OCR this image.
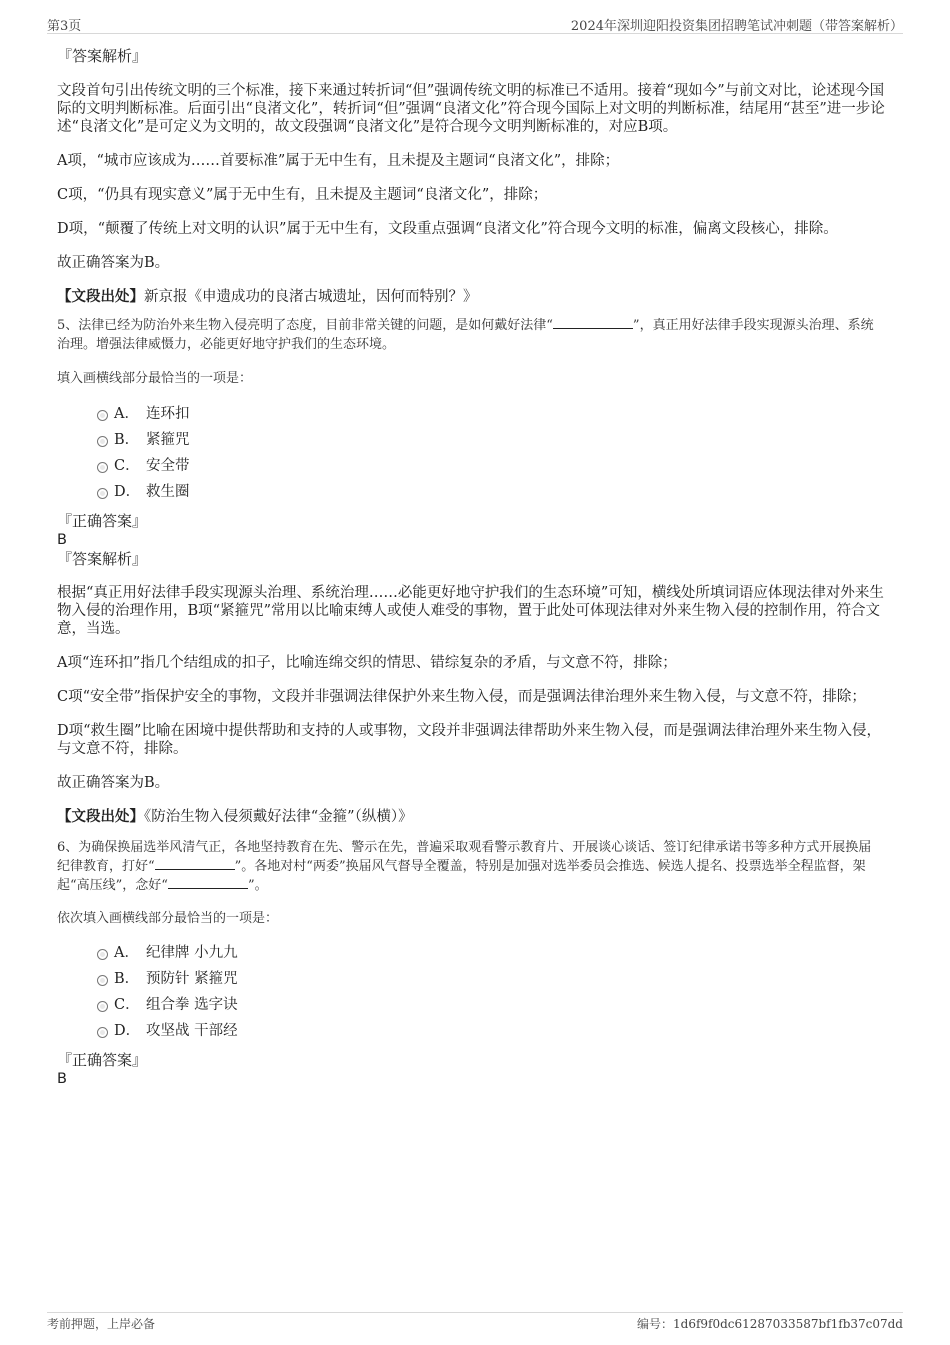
第3页	2024年深圳迎阳投资集团招聘笔试冲刺题（带答案解析）
『答案解析』
文段首句引出传统文明的三个标准，接下来通过转折词“但”强调传统文明的标准已不适用。接着“现如今”与前文对比，论述现今国际的文明判断标准。后面引出“良渚文化”，转折词“但”强调“良渚文化”符合现今国际上对文明的判断标准，结尾用“甚至”进一步论述“良渚文化”是可定义为文明的，故文段强调“良渚文化”是符合现今文明判断标准的，对应B项。
A项，“城市应该成为……首要标准”属于无中生有，且未提及主题词“良渚文化”，排除；
C项，“仍具有现实意义”属于无中生有，且未提及主题词“良渚文化”，排除；
D项，“颠覆了传统上对文明的认识”属于无中生有，文段重点强调“良渚文化”符合现今文明的标准，偏离文段核心，排除。
故正确答案为B。
【文段出处】新京报《申遗成功的良渚古城遗址，因何而特别？》
5、法律已经为防治外来生物入侵亮明了态度，目前非常关键的问题，是如何戴好法律“	”，真正用好法律手段实现源头治理、系统
治理。增强法律威慑力，必能更好地守护我们的生态环境。
填入画横线部分最恰当的一项是：
A． 连环扣
B． 紧箍咒
C． 安全带
D． 救生圈
『正确答案』
B
『答案解析』
根据“真正用好法律手段实现源头治理、系统治理……必能更好地守护我们的生态环境”可知，横线处所填词语应体现法律对外来生物入侵的治理作用，B项“紧箍咒”常用以比喻束缚人或使人难受的事物，置于此处可体现法律对外来生物入侵的控制作用，符合文意，当选。
A项“连环扣”指几个结组成的扣子，比喻连绵交织的情思、错综复杂的矛盾，与文意不符，排除；
C项“安全带”指保护安全的事物，文段并非强调法律保护外来生物入侵，而是强调法律治理外来生物入侵，与文意不符，排除；
D项“救生圈”比喻在困境中提供帮助和支持的人或事物，文段并非强调法律帮助外来生物入侵，而是强调法律治理外来生物入侵，与文意不符，排除。
故正确答案为B。
【文段出处】《防治生物入侵须戴好法律“金箍”（纵横）》
6、为确保换届选举风清气正，各地坚持教育在先、警示在先，普遍采取观看警示教育片、开展谈心谈话、签订纪律承诺书等多种方式开展换届
纪律教育，打好“	”。各地对村“两委”换届风气督导全覆盖，特别是加强对选举委员会推选、候选人提名、投票选举全程监督，架
起“高压线”，念好“	”。
依次填入画横线部分最恰当的一项是：
A． 纪律牌 小九九
B． 预防针 紧箍咒
C． 组合拳 选字诀
D． 攻坚战 干部经
『正确答案』
B
考前押题，上岸必备	编号：1d6f9f0dc61287033587bf1fb37c07dd
